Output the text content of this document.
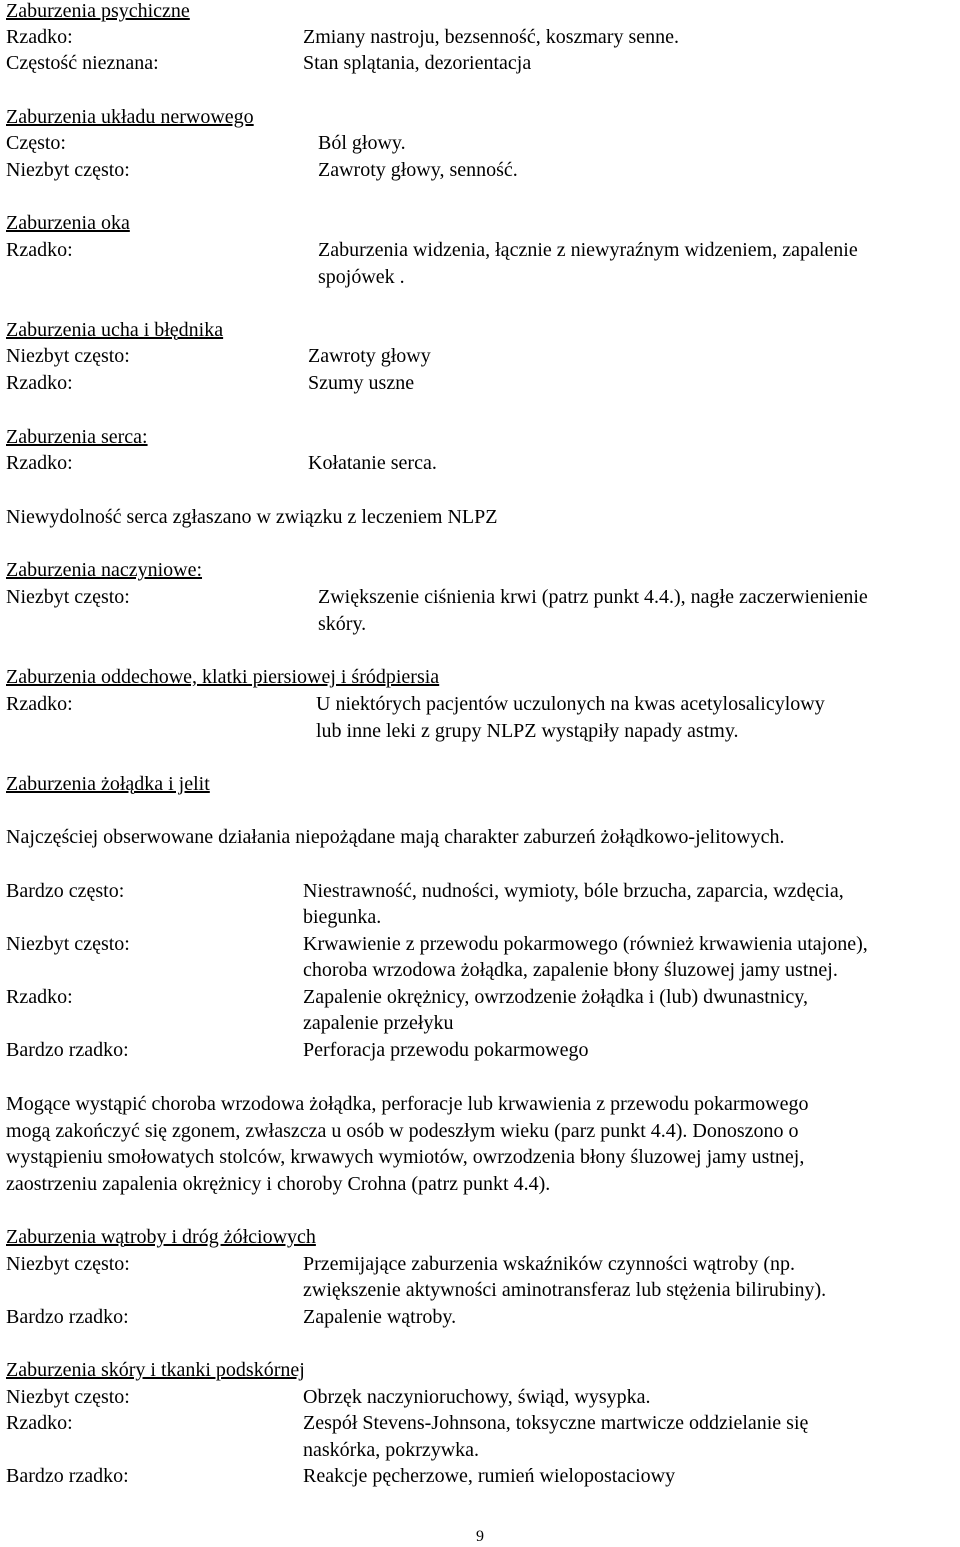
Zaburzenia psychiczne
Rzadko:	Zmiany nastroju, bezsenność, koszmary senne.
Częstość nieznana:	Stan splątania, dezorientacja
Zaburzenia układu nerwowego
Często:	Ból głowy.
Niezbyt często:	Zawroty głowy, senność.
Zaburzenia oka
Rzadko:	Zaburzenia widzenia, łącznie z niewyraźnym widzeniem, zapalenie
spojówek .
Zaburzenia ucha i błędnika
Niezbyt często:	Zawroty głowy
Rzadko:	Szumy uszne
Zaburzenia serca:
Rzadko:	Kołatanie serca.
Niewydolność serca zgłaszano w związku z leczeniem NLPZ
Zaburzenia naczyniowe:
Niezbyt często:	Zwiększenie ciśnienia krwi (patrz punkt 4.4.), nagłe zaczerwienienie
skóry.
Zaburzenia oddechowe, klatki piersiowej i śródpiersia
Rzadko:	U niektórych pacjentów uczulonych na kwas acetylosalicylowy
lub inne leki z grupy NLPZ wystąpiły napady astmy.
Zaburzenia żołądka i jelit
Najczęściej obserwowane działania niepożądane mają charakter zaburzeń żołądkowo-jelitowych.
Bardzo często:	Niestrawność, nudności, wymioty, bóle brzucha, zaparcia, wzdęcia,
biegunka.
Niezbyt często:	Krwawienie z przewodu pokarmowego (również krwawienia utajone),
choroba wrzodowa żołądka, zapalenie błony śluzowej jamy ustnej.
Rzadko:	Zapalenie okrężnicy, owrzodzenie żołądka i (lub) dwunastnicy,
zapalenie przełyku
Bardzo rzadko:	Perforacja przewodu pokarmowego
Mogące wystąpić choroba wrzodowa żołądka, perforacje lub krwawienia z przewodu pokarmowego
mogą zakończyć się zgonem, zwłaszcza u osób w podeszłym wieku (parz punkt 4.4). Donoszono o
wystąpieniu smołowatych stolców, krwawych wymiotów, owrzodzenia błony śluzowej jamy ustnej,
zaostrzeniu zapalenia okrężnicy i choroby Crohna (patrz punkt 4.4).
Zaburzenia wątroby i dróg żółciowych
Niezbyt często:	Przemijające zaburzenia wskaźników czynności wątroby (np.
zwiększenie aktywności aminotransferaz lub stężenia bilirubiny).
Bardzo rzadko:	Zapalenie wątroby.
Zaburzenia skóry i tkanki podskórnej
Niezbyt często:	Obrzęk naczynioruchowy, świąd, wysypka.
Rzadko:	Zespół Stevens-Johnsona, toksyczne martwicze oddzielanie się
naskórka, pokrzywka.
Bardzo rzadko:	Reakcje pęcherzowe, rumień wielopostaciowy
9
